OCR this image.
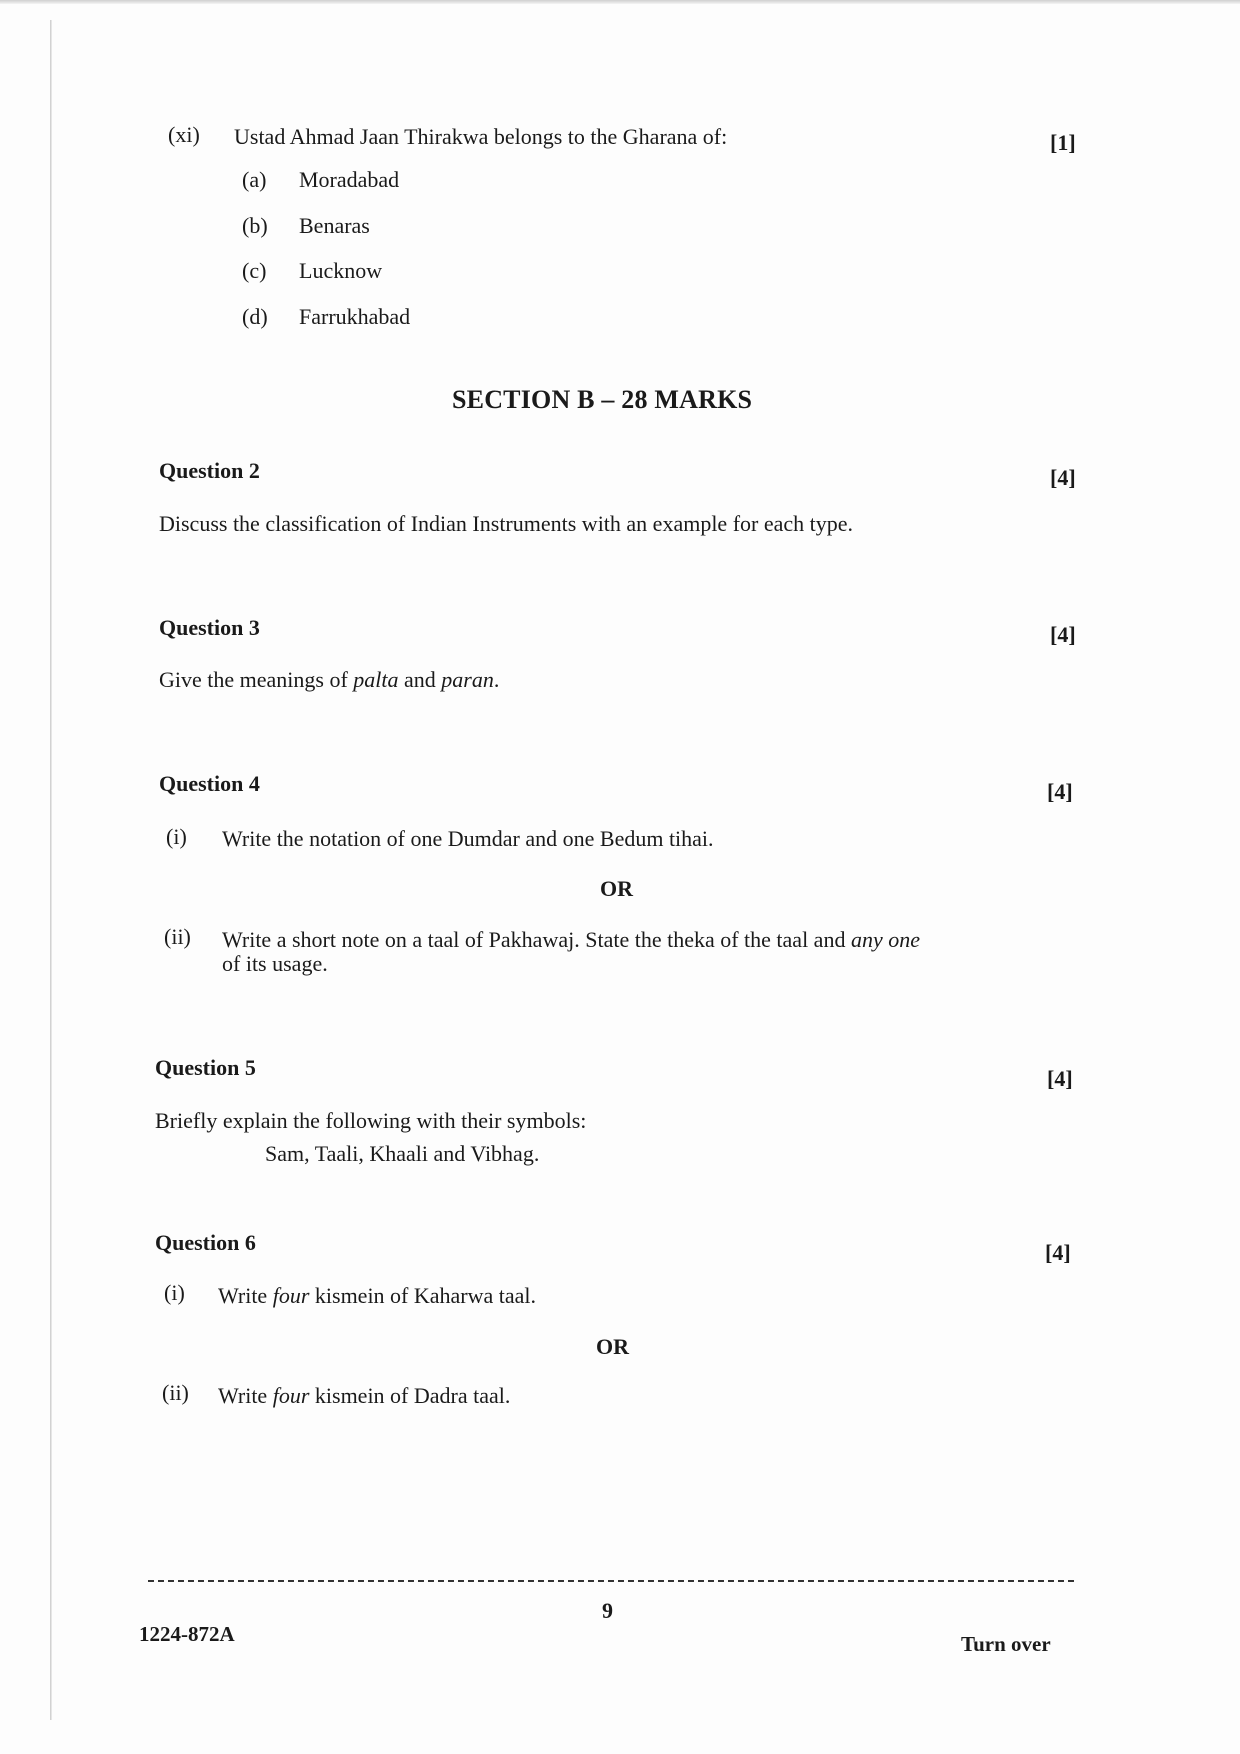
(xi) Ustad Ahmad Jaan Thirakwa belongs to the Gharana of:	[1]
(a) Moradabad
(b) Benaras
(c) Lucknow
(d) Farrukhabad
SECTION B – 28 MARKS
Question 2	[4]
Discuss the classification of Indian Instruments with an example for each type.
Question 3	[4]
Give the meanings of palta and paran.
Question 4	[4]
(i) Write the notation of one Dumdar and one Bedum tihai.
OR
(ii) Write a short note on a taal of Pakhawaj. State the theka of the taal and any one
of its usage.
Question 5	[4]
Briefly explain the following with their symbols:
Sam, Taali, Khaali and Vibhag.
Question 6	[4]
(i) Write four kismein of Kaharwa taal.
OR
(ii) Write four kismein of Dadra taal.
9
1224-872A	Turn over
